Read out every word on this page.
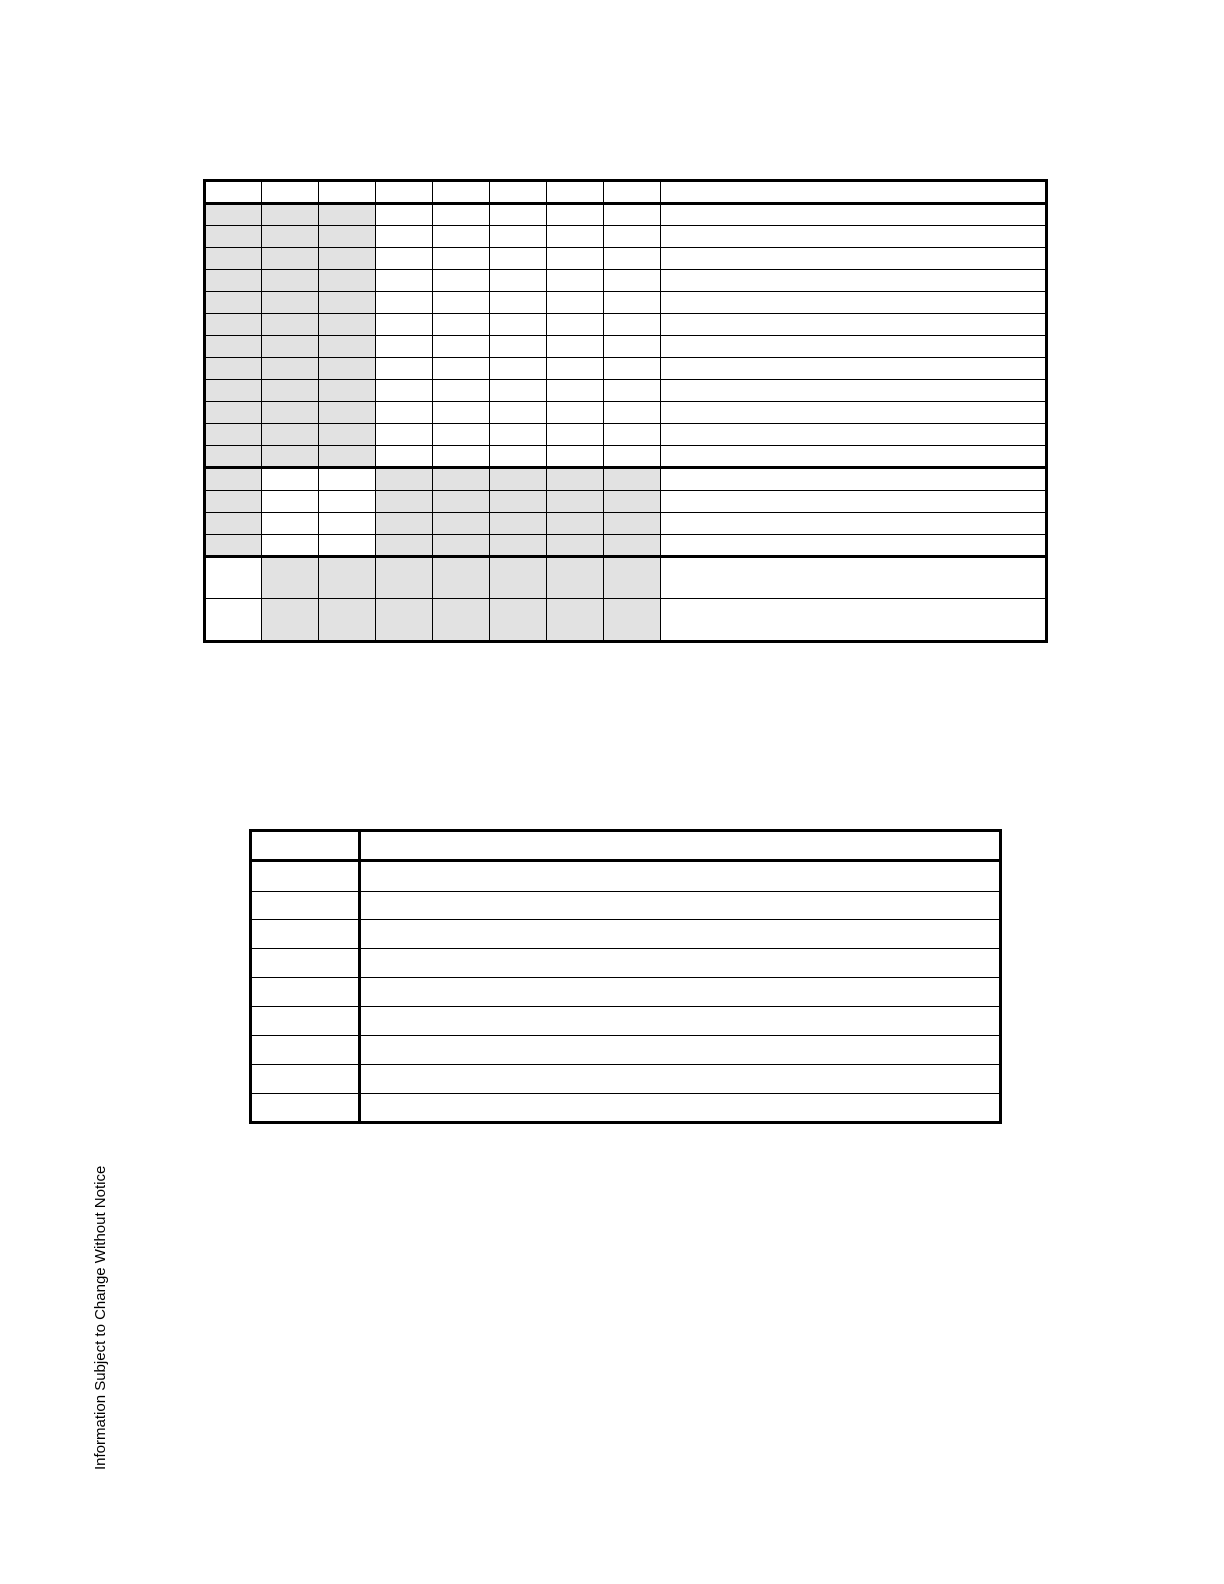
Information Subject to Change Without Notice
